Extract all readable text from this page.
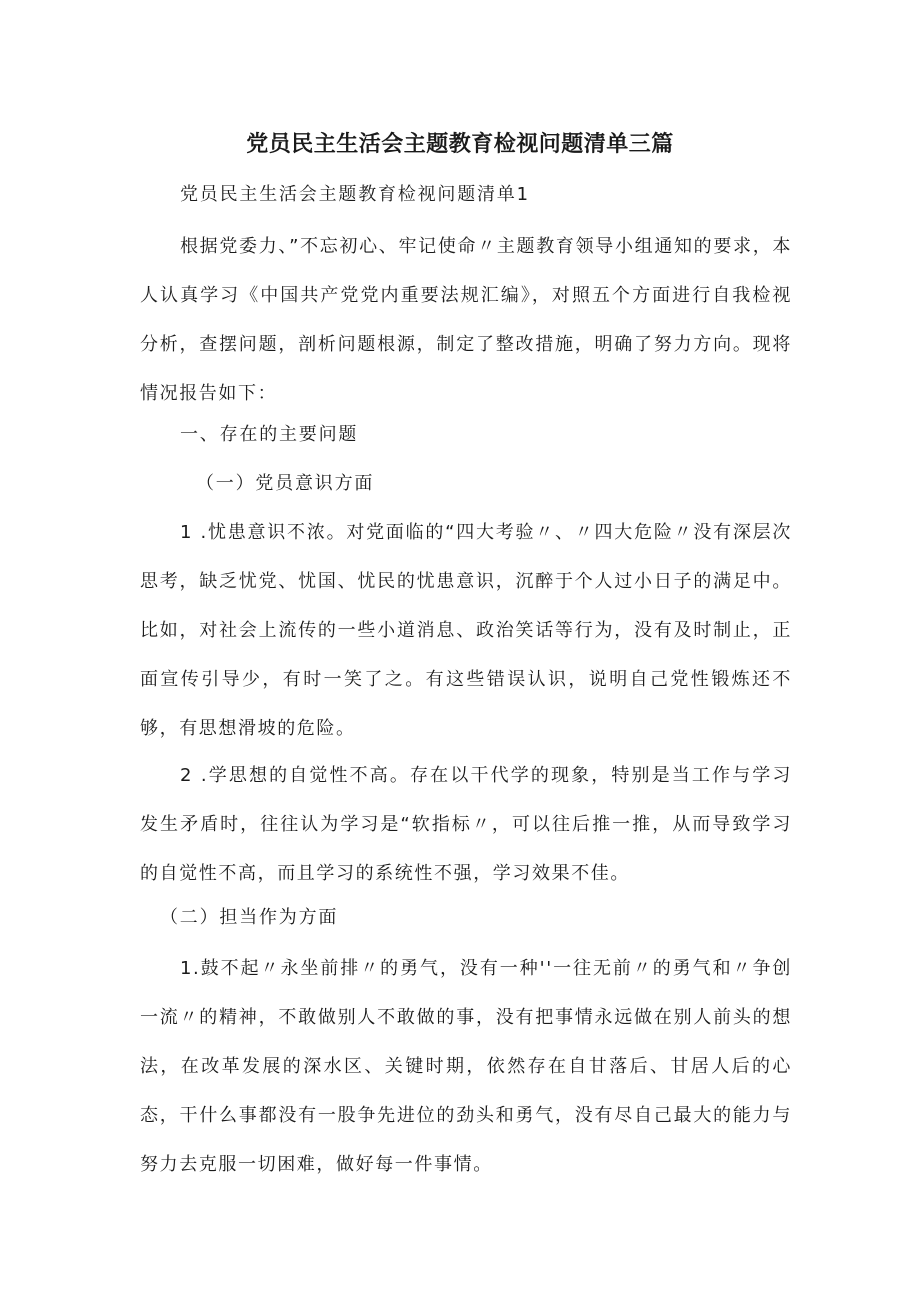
党员民主生活会主题教育检视问题清单三篇
党员民主生活会主题教育检视问题清单1

根据党委力、”不忘初心、牢记使命〃主题教育领导小组通知的要求，本人认真学习《中国共产党党内重要法规汇编》，对照五个方面进行自我检视分析，查摆问题，剖析问题根源，制定了整改措施，明确了努力方向。现将情况报告如下：

一、存在的主要问题
（一）党员意识方面

1 .忧患意识不浓。对党面临的“四大考验〃、〃四大危险〃没有深层次思考，缺乏忧党、忧国、忧民的忧患意识，沉醉于个人过小日子的满足中。比如，对社会上流传的一些小道消息、政治笑话等行为，没有及时制止，正面宣传引导少，有时一笑了之。有这些错误认识，说明自己党性锻炼还不够，有思想滑坡的危险。

2 .学思想的自觉性不高。存在以干代学的现象，特别是当工作与学习发生矛盾时，往往认为学习是“软指标〃，可以往后推一推，从而导致学习的自觉性不高，而且学习的系统性不强，学习效果不佳。

（二）担当作为方面

1.鼓不起〃永坐前排〃的勇气，没有一种''一往无前〃的勇气和〃争创一流〃的精神，不敢做别人不敢做的事，没有把事情永远做在别人前头的想法，在改革发展的深水区、关键时期，依然存在自甘落后、甘居人后的心态，干什么事都没有一股争先进位的劲头和勇气，没有尽自己最大的能力与努力去克服一切困难，做好每一件事情。
